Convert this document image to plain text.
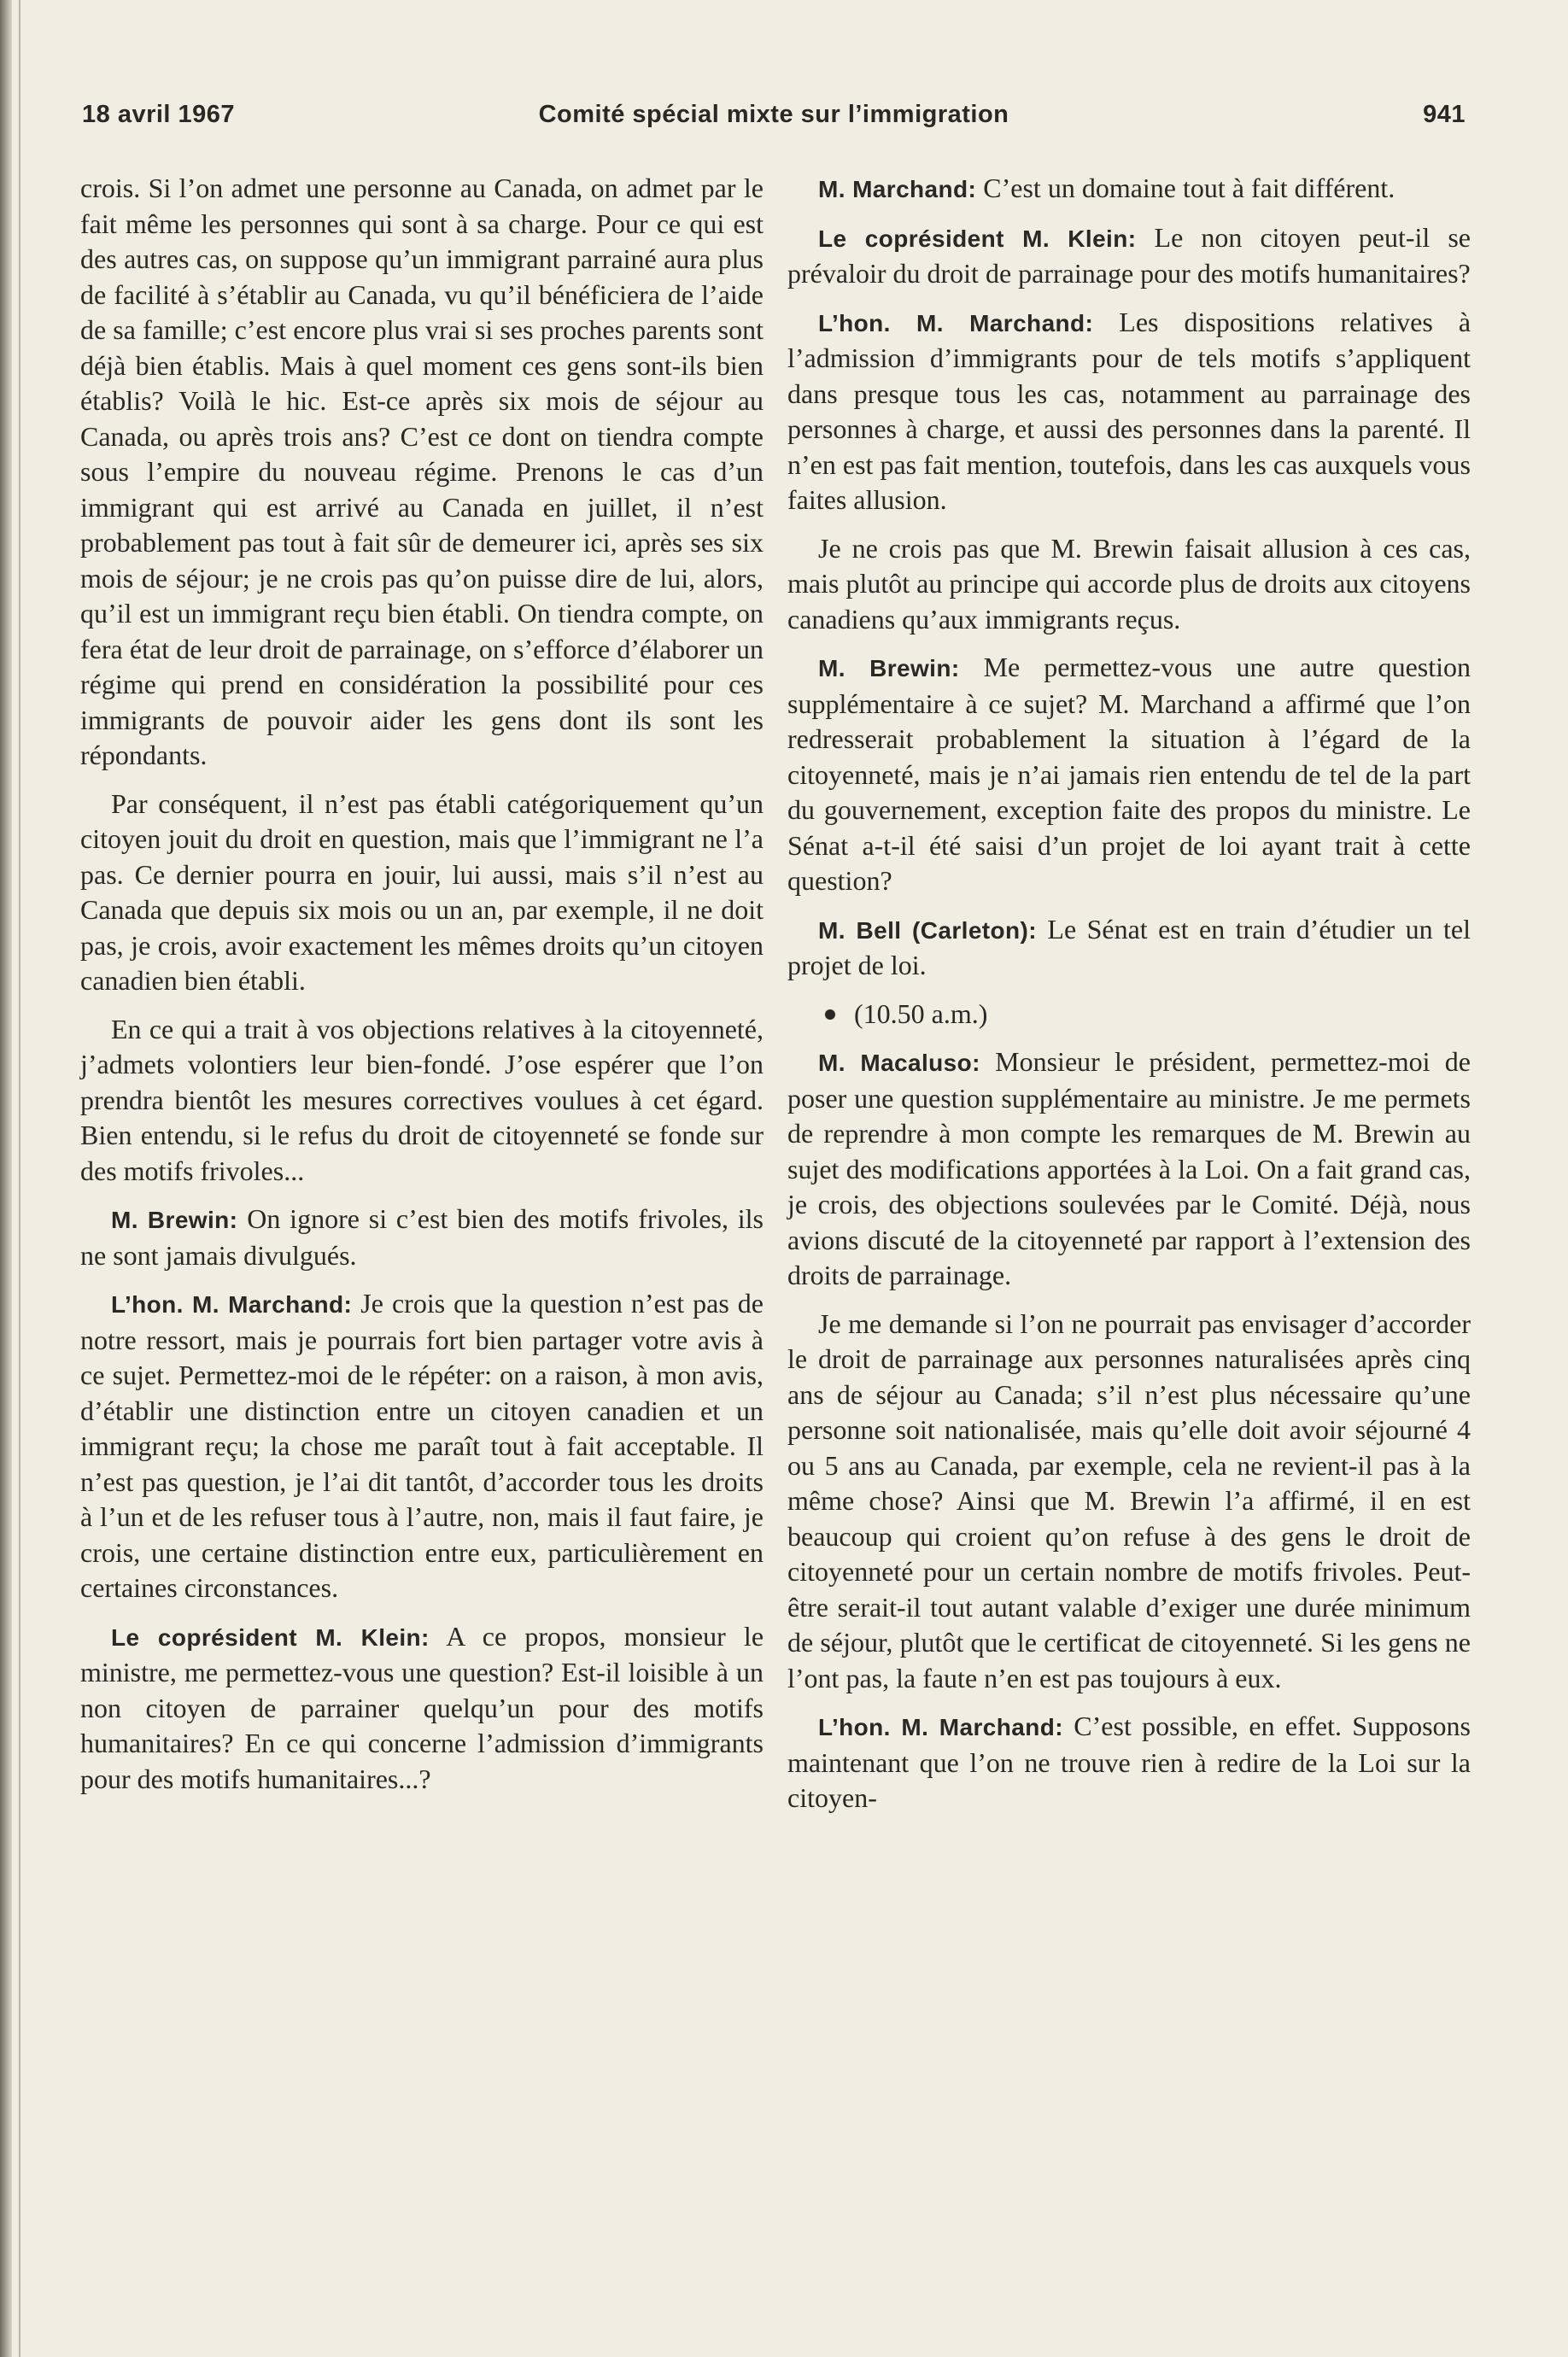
18 avril 1967	Comité spécial mixte sur l’immigration	941

crois. Si l’on admet une personne au Canada, on admet par le fait même les personnes qui sont à sa charge. Pour ce qui est des autres cas, on suppose qu’un immigrant parrainé aura plus de facilité à s’établir au Canada, vu qu’il bénéficiera de l’aide de sa famille; c’est encore plus vrai si ses proches parents sont déjà bien établis. Mais à quel moment ces gens sont-ils bien établis? Voilà le hic. Est-ce après six mois de séjour au Canada, ou après trois ans? C’est ce dont on tiendra compte sous l’empire du nouveau régime. Prenons le cas d’un immigrant qui est arrivé au Canada en juillet, il n’est probablement pas tout à fait sûr de demeurer ici, après ses six mois de séjour; je ne crois pas qu’on puisse dire de lui, alors, qu’il est un immigrant reçu bien établi. On tiendra compte, on fera état de leur droit de parrainage, on s’efforce d’élaborer un régime qui prend en considération la possibilité pour ces immigrants de pouvoir aider les gens dont ils sont les répondants.

Par conséquent, il n’est pas établi catégoriquement qu’un citoyen jouit du droit en question, mais que l’immigrant ne l’a pas. Ce dernier pourra en jouir, lui aussi, mais s’il n’est au Canada que depuis six mois ou un an, par exemple, il ne doit pas, je crois, avoir exactement les mêmes droits qu’un citoyen canadien bien établi.

En ce qui a trait à vos objections relatives à la citoyenneté, j’admets volontiers leur bien-fondé. J’ose espérer que l’on prendra bientôt les mesures correctives voulues à cet égard. Bien entendu, si le refus du droit de citoyenneté se fonde sur des motifs frivoles...

M. Brewin: On ignore si c’est bien des motifs frivoles, ils ne sont jamais divulgués.

L’hon. M. Marchand: Je crois que la question n’est pas de notre ressort, mais je pourrais fort bien partager votre avis à ce sujet. Permettez-moi de le répéter: on a raison, à mon avis, d’établir une distinction entre un citoyen canadien et un immigrant reçu; la chose me paraît tout à fait acceptable. Il n’est pas question, je l’ai dit tantôt, d’accorder tous les droits à l’un et de les refuser tous à l’autre, non, mais il faut faire, je crois, une certaine distinction entre eux, particulièrement en certaines circonstances.

Le coprésident M. Klein: A ce propos, monsieur le ministre, me permettez-vous une question? Est-il loisible à un non citoyen de parrainer quelqu’un pour des motifs humanitaires? En ce qui concerne l’admission d’immigrants pour des motifs humanitaires...?

M. Marchand: C’est un domaine tout à fait différent.

Le coprésident M. Klein: Le non citoyen peut-il se prévaloir du droit de parrainage pour des motifs humanitaires?

L’hon. M. Marchand: Les dispositions relatives à l’admission d’immigrants pour de tels motifs s’appliquent dans presque tous les cas, notamment au parrainage des personnes à charge, et aussi des personnes dans la parenté. Il n’en est pas fait mention, toutefois, dans les cas auxquels vous faites allusion.

Je ne crois pas que M. Brewin faisait allusion à ces cas, mais plutôt au principe qui accorde plus de droits aux citoyens canadiens qu’aux immigrants reçus.

M. Brewin: Me permettez-vous une autre question supplémentaire à ce sujet? M. Marchand a affirmé que l’on redresserait probablement la situation à l’égard de la citoyenneté, mais je n’ai jamais rien entendu de tel de la part du gouvernement, exception faite des propos du ministre. Le Sénat a-t-il été saisi d’un projet de loi ayant trait à cette question?

M. Bell (Carleton): Le Sénat est en train d’étudier un tel projet de loi.

(10.50 a.m.)

M. Macaluso: Monsieur le président, permettez-moi de poser une question supplémentaire au ministre. Je me permets de reprendre à mon compte les remarques de M. Brewin au sujet des modifications apportées à la Loi. On a fait grand cas, je crois, des objections soulevées par le Comité. Déjà, nous avions discuté de la citoyenneté par rapport à l’extension des droits de parrainage.

Je me demande si l’on ne pourrait pas envisager d’accorder le droit de parrainage aux personnes naturalisées après cinq ans de séjour au Canada; s’il n’est plus nécessaire qu’une personne soit nationalisée, mais qu’elle doit avoir séjourné 4 ou 5 ans au Canada, par exemple, cela ne revient-il pas à la même chose? Ainsi que M. Brewin l’a affirmé, il en est beaucoup qui croient qu’on refuse à des gens le droit de citoyenneté pour un certain nombre de motifs frivoles. Peut-être serait-il tout autant valable d’exiger une durée minimum de séjour, plutôt que le certificat de citoyenneté. Si les gens ne l’ont pas, la faute n’en est pas toujours à eux.

L’hon. M. Marchand: C’est possible, en effet. Supposons maintenant que l’on ne trouve rien à redire de la Loi sur la citoyen-
